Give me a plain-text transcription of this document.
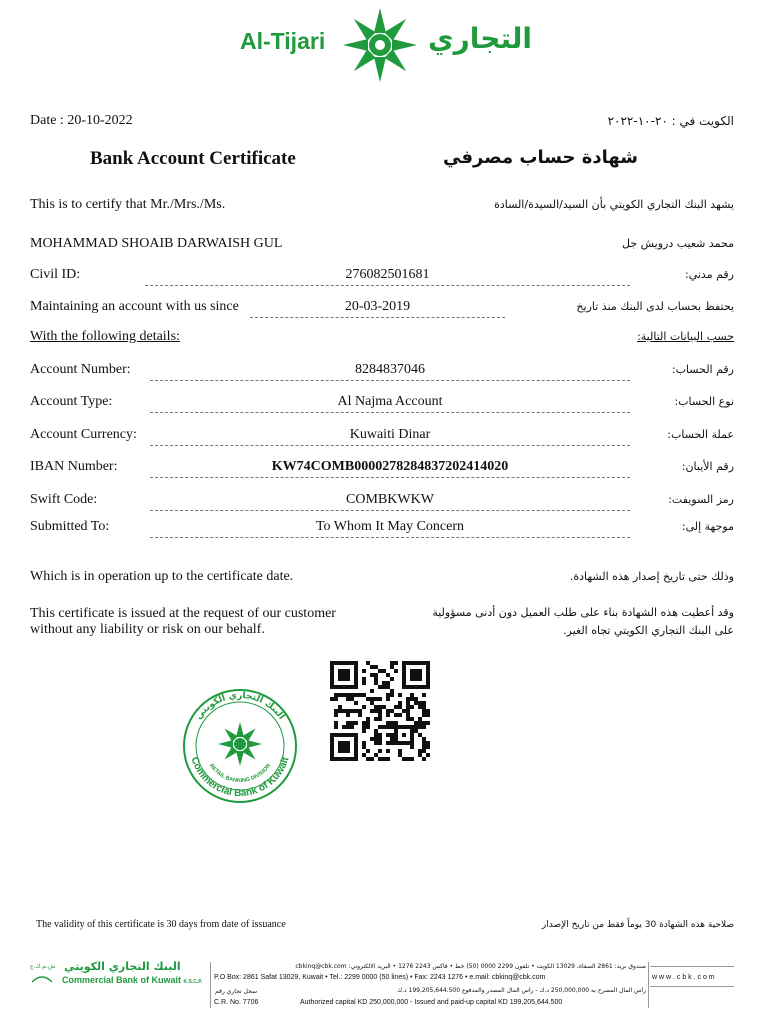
Al-Tijari	التجاري
Date : 20-10-2022	الكويت في : ٢٠-١٠-٢٠٢٢
Bank Account Certificate	شهادة حساب مصرفي
This is to certify that Mr./Mrs./Ms.	يشهد البنك التجاري الكويتي بأن السيد/السيدة/السادة
MOHAMMAD SHOAIB DARWAISH GUL	محمد شعيب درويش جل
Civil ID:	276082501681	رقم مدني:
Maintaining an account with us since	20-03-2019	يحتفظ بحساب لدى البنك منذ تاريخ
With the following details:	حسب البيانات التالية:
Account Number:	8284837046	رقم الحساب:
Account Type:	Al Najma Account	نوع الحساب:
Account Currency:	Kuwaiti Dinar	عملة الحساب:
IBAN Number:	KW74COMB0000278284837202414020	رقم الأيبان:
Swift Code:	COMBKWKW	رمز السويفت:
Submitted To:	To Whom It May Concern	موجهة إلى:
Which is in operation up to the certificate date.	وذلك حتى تاريخ إصدار هذه الشهادة.
This certificate is issued at the request of our customer
without any liability or risk on our behalf.
وقد أعطيت هذه الشهادة بناء على طلب العميل دون أدنى مسؤولية
على البنك التجاري الكويتي تجاه الغير.
البنك التجاري الكويتي
RETAIL BANKING DIVISION
Commercial Bank of Kuwait
The validity of this certificate is 30 days from date of issuance	صلاحية هذه الشهادة 30 يوماً فقط من تاريخ الإصدار
البنك التجاري الكويتي
ش.م.ك.ع
Commercial Bank of Kuwait K.S.C.P.
صندوق بريد: 2861 الصفاة، 13029 الكويت • تلفون 2299 0000 (50) خط • فاكس 2243 1276 • البريد الالكتروني: cbkinq@cbk.com
P.O Box: 2861 Safat 13029, Kuwait • Tel.: 2299 0000 (50 lines) • Fax: 2243 1276 • e.mail: cbkinq@cbk.com
رأس المال المصرح به 250,000,000 د.ك - رأس المال المصدر والمدفوع 199,205,644.500 د.ك
سجل تجاري رقم
C.R. No. 7706	Authorized capital KD 250,000,000 - Issued and paid-up capital KD 199,205,644.500
w w w . c b k . c o m
